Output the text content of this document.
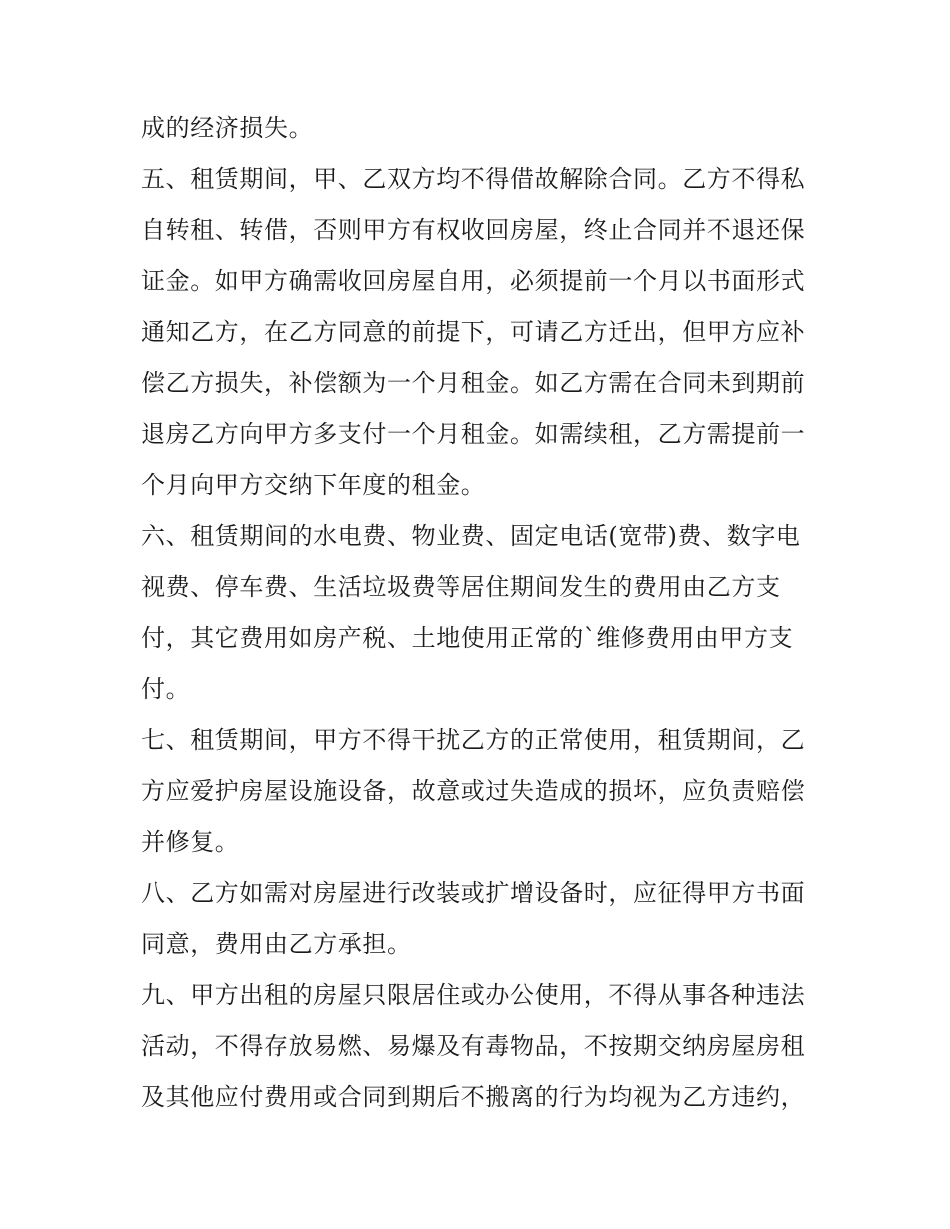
成的经济损失。
五、租赁期间，甲、乙双方均不得借故解除合同。乙方不得私
自转租、转借，否则甲方有权收回房屋，终止合同并不退还保
证金。如甲方确需收回房屋自用，必须提前一个月以书面形式
通知乙方，在乙方同意的前提下，可请乙方迁出，但甲方应补
偿乙方损失，补偿额为一个月租金。如乙方需在合同未到期前
退房乙方向甲方多支付一个月租金。如需续租，乙方需提前一
个月向甲方交纳下年度的租金。
六、租赁期间的水电费、物业费、固定电话(宽带)费、数字电
视费、停车费、生活垃圾费等居住期间发生的费用由乙方支
付，其它费用如房产税、土地使用正常的`维修费用由甲方支
付。
七、租赁期间，甲方不得干扰乙方的正常使用，租赁期间，乙
方应爱护房屋设施设备，故意或过失造成的损坏，应负责赔偿
并修复。
八、乙方如需对房屋进行改装或扩增设备时，应征得甲方书面
同意，费用由乙方承担。
九、甲方出租的房屋只限居住或办公使用，不得从事各种违法
活动，不得存放易燃、易爆及有毒物品，不按期交纳房屋房租
及其他应付费用或合同到期后不搬离的行为均视为乙方违约，
